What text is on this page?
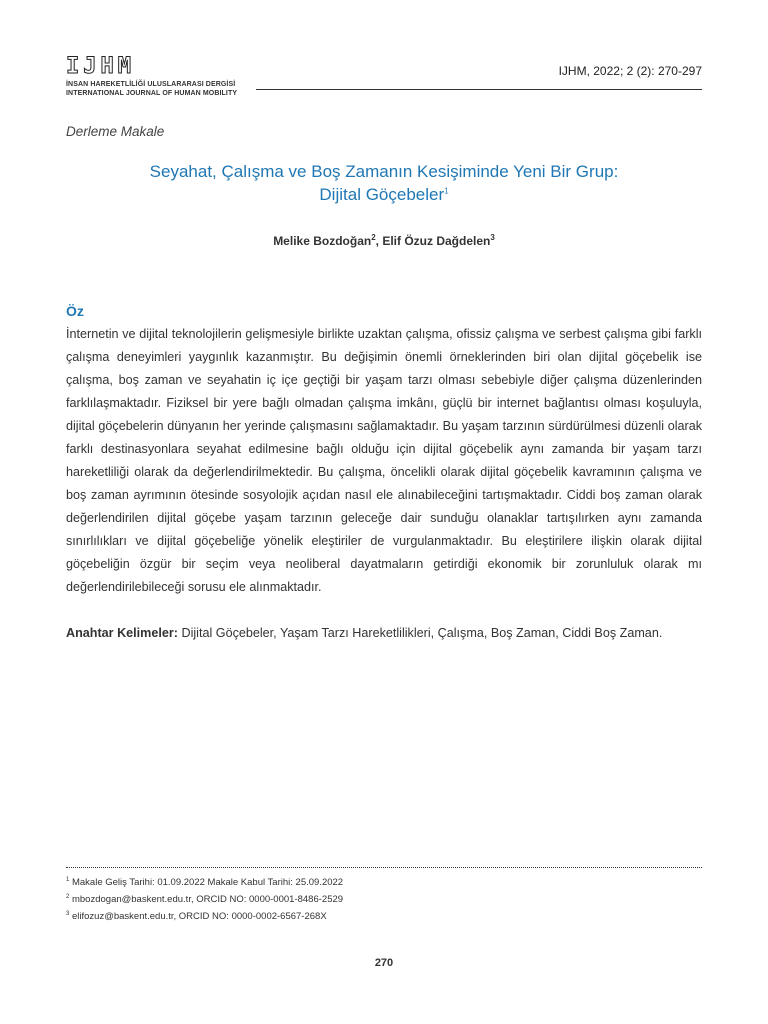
IJHM
İNSAN HAREKETLİLİĞİ ULUSLARARASI DERGİSİ
INTERNATIONAL JOURNAL OF HUMAN MOBILITY
IJHM, 2022; 2 (2): 270-297
Derleme Makale
Seyahat, Çalışma ve Boş Zamanın Kesişiminde Yeni Bir Grup:
Dijital Göçebeler$^1$
Melike Bozdoğan$^2$, Elif Özuz Dağdelen$^3$
Öz
İnternetin ve dijital teknolojilerin gelişmesiyle birlikte uzaktan çalışma, ofissiz çalışma ve serbest çalışma gibi farklı çalışma deneyimleri yaygınlık kazanmıştır. Bu değişimin önemli örneklerinden biri olan dijital göçebelik ise çalışma, boş zaman ve seyahatin iç içe geçtiği bir yaşam tarzı olması sebebiyle diğer çalışma düzenlerinden farklılaşmaktadır. Fiziksel bir yere bağlı olmadan çalışma imkânı, güçlü bir internet bağlantısı olması koşuluyla, dijital göçebelerin dünyanın her yerinde çalışmasını sağlamaktadır. Bu yaşam tarzının sürdürülmesi düzenli olarak farklı destinasyonlara seyahat edilmesine bağlı olduğu için dijital göçebelik aynı zamanda bir yaşam tarzı hareketliliği olarak da değerlendirilmektedir. Bu çalışma, öncelikli olarak dijital göçebelik kavramının çalışma ve boş zaman ayrımının ötesinde sosyolojik açıdan nasıl ele alınabileceğini tartışmaktadır. Ciddi boş zaman olarak değerlendirilen dijital göçebe yaşam tarzının geleceğe dair sunduğu olanaklar tartışılırken aynı zamanda sınırlılıkları ve dijital göçebeliğe yönelik eleştiriler de vurgulanmaktadır. Bu eleştirilere ilişkin olarak dijital göçebeliğin özgür bir seçim veya neoliberal dayatmaların getirdiği ekonomik bir zorunluluk olarak mı değerlendirilebileceği sorusu ele alınmaktadır.
Anahtar Kelimeler: Dijital Göçebeler, Yaşam Tarzı Hareketlilikleri, Çalışma, Boş Zaman, Ciddi Boş Zaman.
$^1$ Makale Geliş Tarihi: 01.09.2022 Makale Kabul Tarihi: 25.09.2022
$^2$ mbozdogan@baskent.edu.tr, ORCID NO: 0000-0001-8486-2529
$^3$ elifozuz@baskent.edu.tr, ORCID NO: 0000-0002-6567-268X
270
